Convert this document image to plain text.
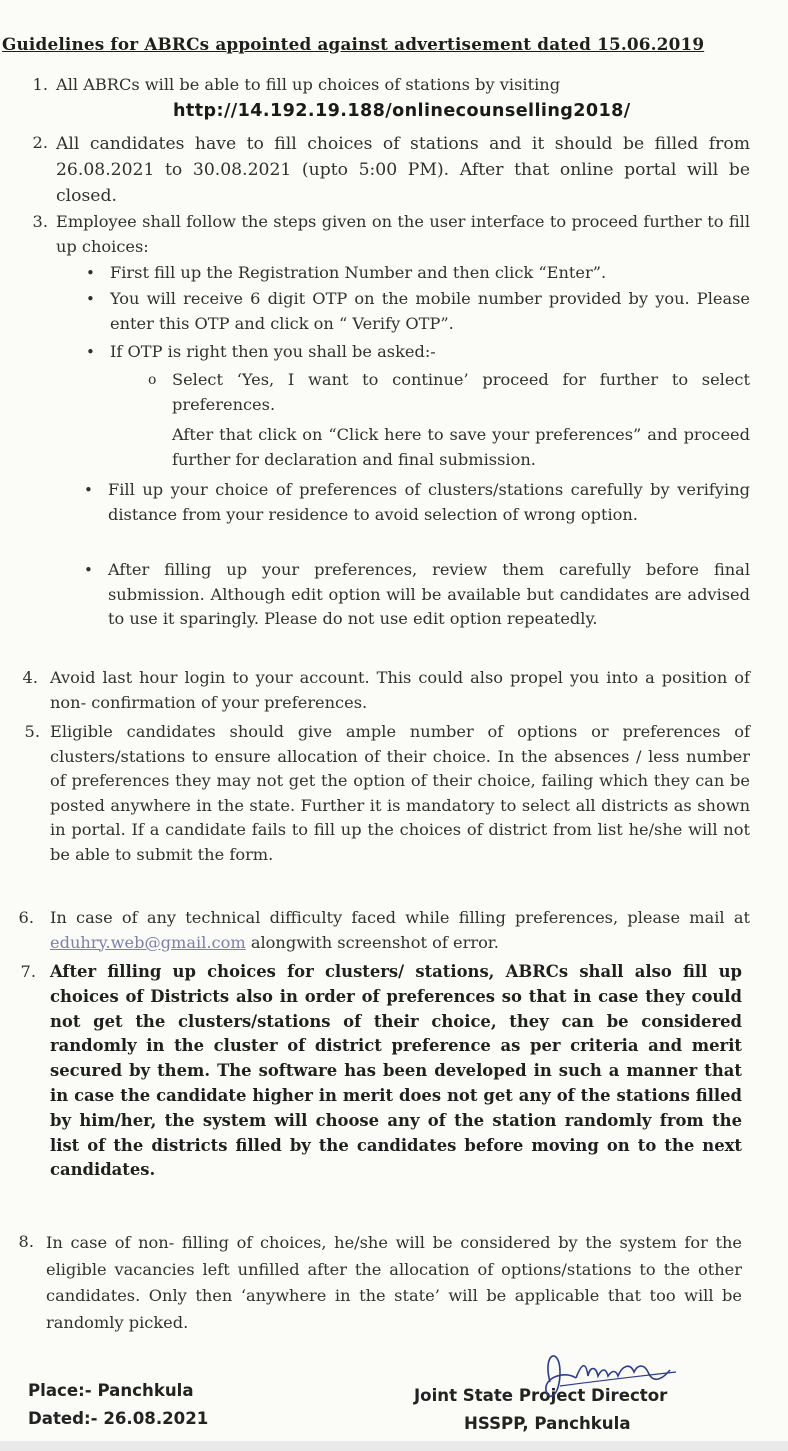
Guidelines for ABRCs appointed against advertisement dated 15.06.2019
1. All ABRCs will be able to fill up choices of stations by visiting
http://14.192.19.188/onlinecounselling2018/
2. All candidates have to fill choices of stations and it should be filled from 26.08.2021 to 30.08.2021 (upto 5:00 PM). After that online portal will be closed.
3. Employee shall follow the steps given on the user interface to proceed further to fill up choices:
• First fill up the Registration Number and then click “Enter”.
• You will receive 6 digit OTP on the mobile number provided by you. Please enter this OTP and click on “ Verify OTP”.
• If OTP is right then you shall be asked:-
o Select ‘Yes, I want to continue’ proceed for further to select preferences.
After that click on “Click here to save your preferences” and proceed further for declaration and final submission.
• Fill up your choice of preferences of clusters/stations carefully by verifying distance from your residence to avoid selection of wrong option.
• After filling up your preferences, review them carefully before final submission. Although edit option will be available but candidates are advised to use it sparingly. Please do not use edit option repeatedly.
4. Avoid last hour login to your account. This could also propel you into a position of non- confirmation of your preferences.
5. Eligible candidates should give ample number of options or preferences of clusters/stations to ensure allocation of their choice. In the absences / less number of preferences they may not get the option of their choice, failing which they can be posted anywhere in the state. Further it is mandatory to select all districts as shown in portal. If a candidate fails to fill up the choices of district from list he/she will not be able to submit the form.
6. In case of any technical difficulty faced while filling preferences, please mail at eduhry.web@gmail.com alongwith screenshot of error.
7. After filling up choices for clusters/ stations, ABRCs shall also fill up choices of Districts also in order of preferences so that in case they could not get the clusters/stations of their choice, they can be considered randomly in the cluster of district preference as per criteria and merit secured by them. The software has been developed in such a manner that in case the candidate higher in merit does not get any of the stations filled by him/her, the system will choose any of the station randomly from the list of the districts filled by the candidates before moving on to the next candidates.
8. In case of non- filling of choices, he/she will be considered by the system for the eligible vacancies left unfilled after the allocation of options/stations to the other candidates. Only then ‘anywhere in the state’ will be applicable that too will be randomly picked.
Place:- Panchkula
Dated:- 26.08.2021
Joint State Project Director
HSSPP, Panchkula
